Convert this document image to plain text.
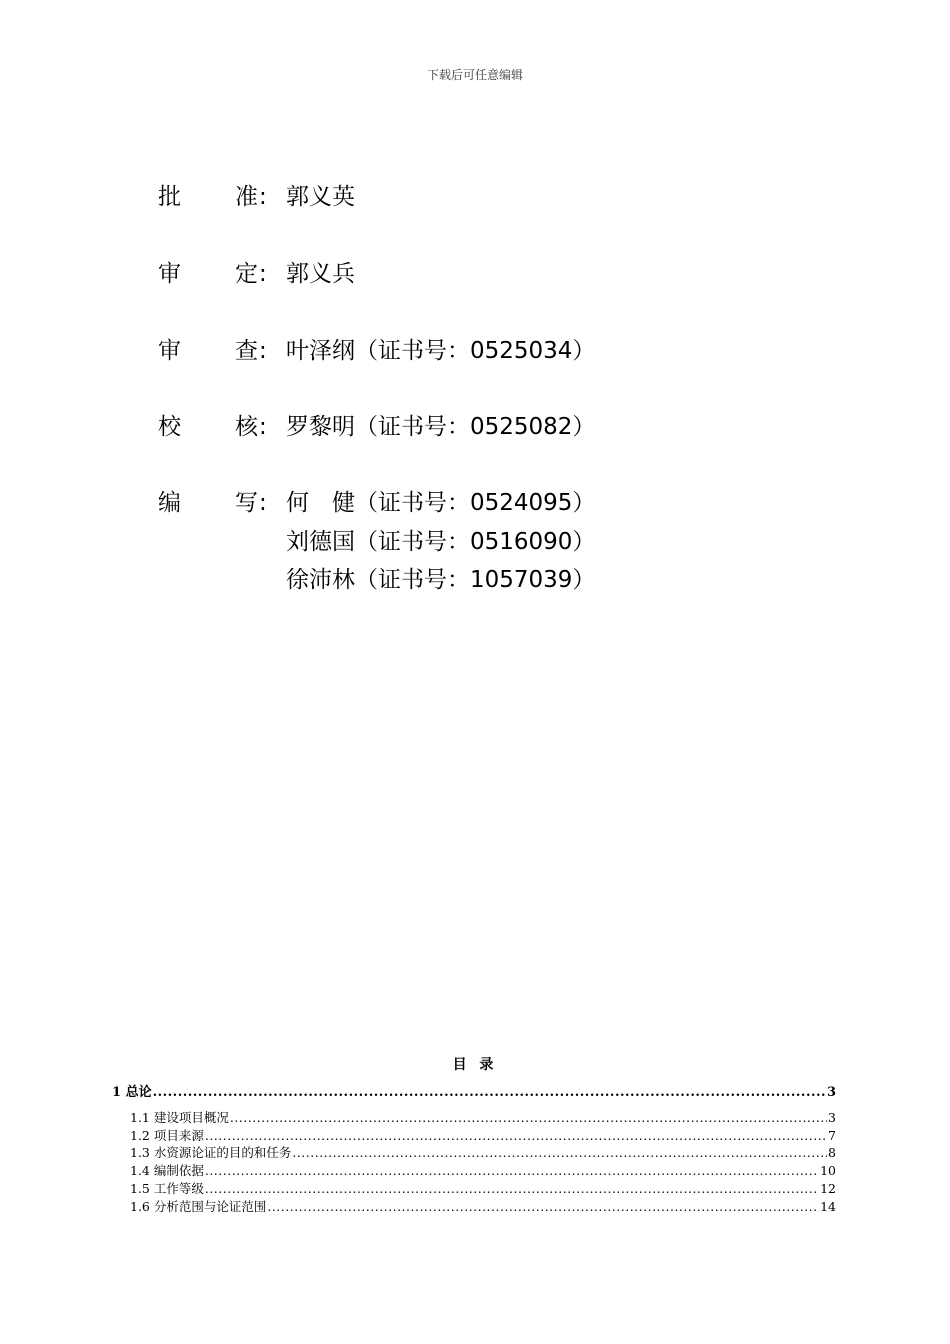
下载后可任意编辑
批 准 : 郭义英
审 定 : 郭义兵
审 查 : 叶泽纲（证书号：0525034）
校 核 : 罗黎明（证书号：0525082）
编 写 : 何　健（证书号：0524095）
刘德国（证书号：0516090）
徐沛林（证书号：1057039）
目 录
1 总论 .....	3
1.1 建设项目概况 .....	3
1.2 项目来源 .....	7
1.3 水资源论证的目的和任务 .....	8
1.4 编制依据 .....	10
1.5 工作等级 .....	12
1.6 分析范围与论证范围 .....	14
